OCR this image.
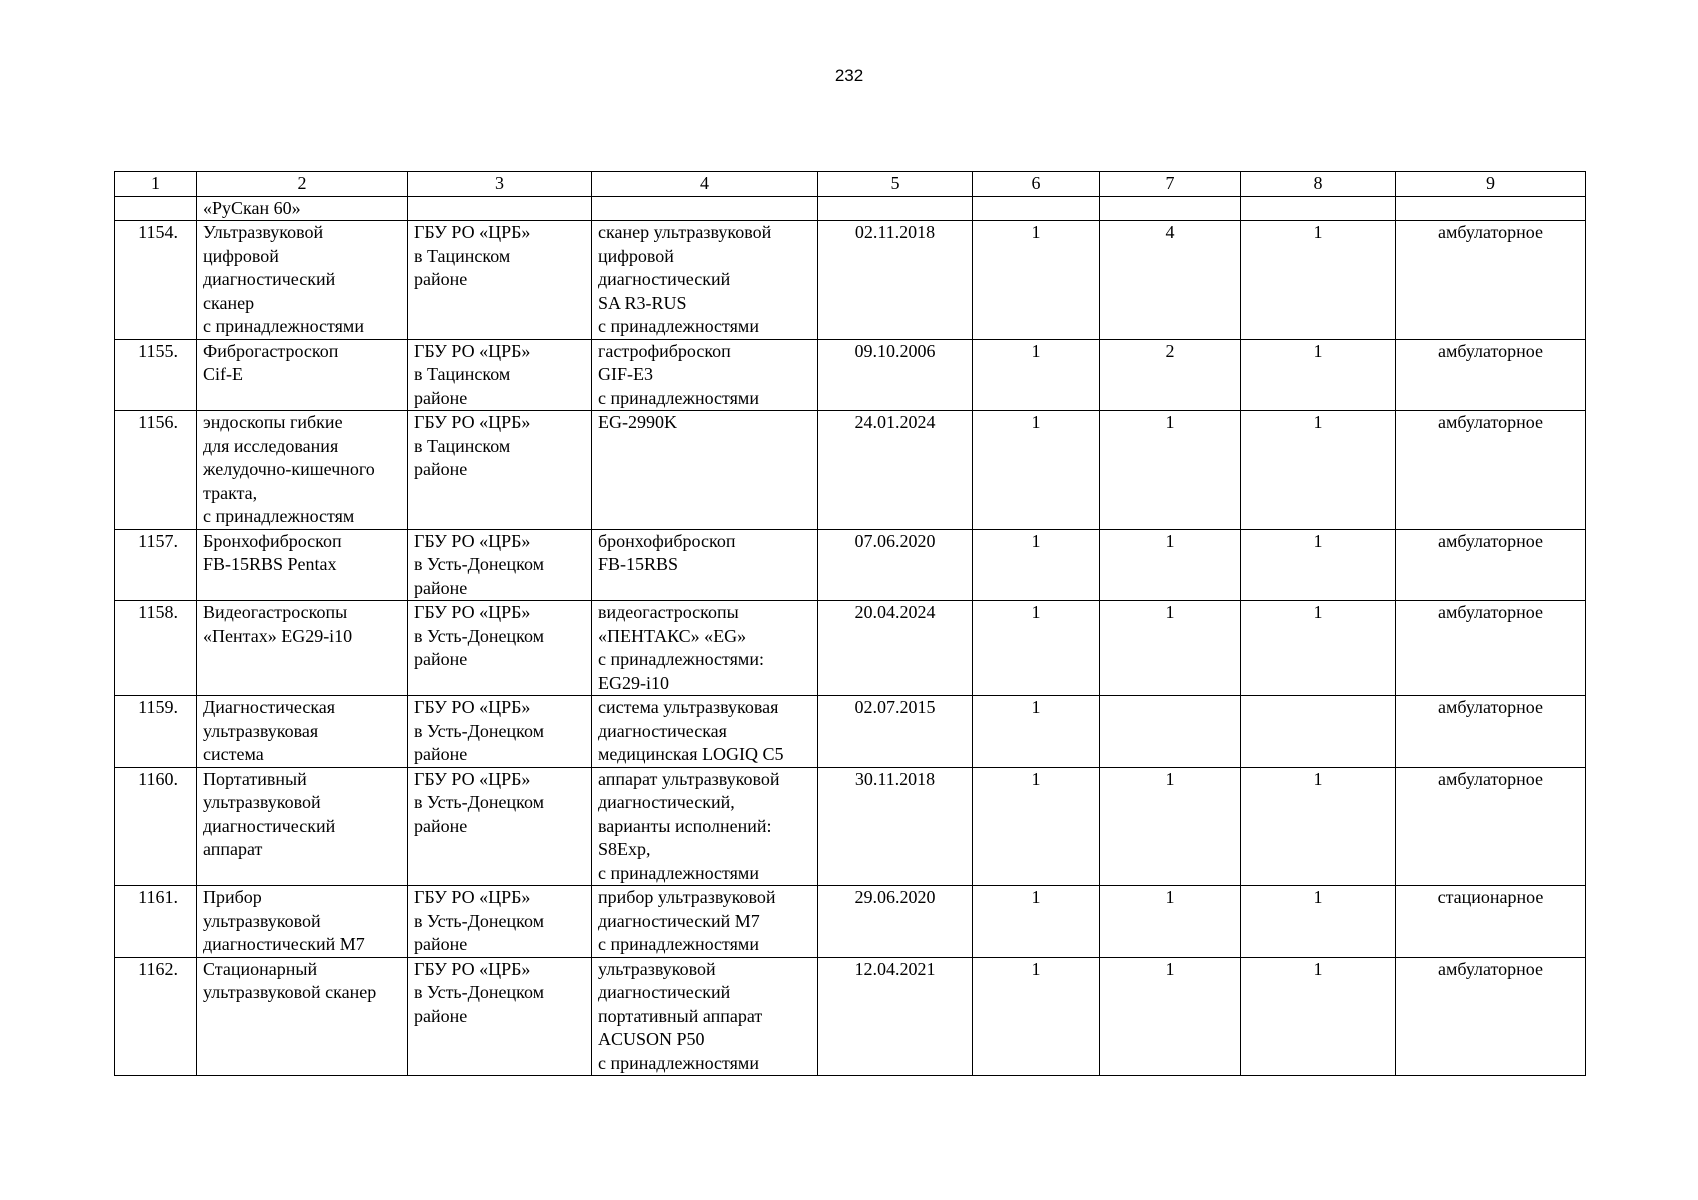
232
1	2	3	4	5	6	7	8	9
	«РуСкан 60»							
1154.	Ультразвуковой
цифровой
диагностический
сканер
с принадлежностями	ГБУ РО «ЦРБ»
в Тацинском
районе	сканер ультразвуковой
цифровой
диагностический
SA R3-RUS
с принадлежностями	02.11.2018	1	4	1	амбулаторное
1155.	Фиброгастроскоп
Cif-E	ГБУ РО «ЦРБ»
в Тацинском
районе	гастрофиброскоп
GIF-E3
с принадлежностями	09.10.2006	1	2	1	амбулаторное
1156.	эндоскопы гибкие
для исследования
желудочно-кишечного
тракта,
с принадлежностям	ГБУ РО «ЦРБ»
в Тацинском
районе	EG-2990K	24.01.2024	1	1	1	амбулаторное
1157.	Бронхофиброскоп
FB-15RBS Pentax	ГБУ РО «ЦРБ»
в Усть-Донецком
районе	бронхофиброскоп
FB-15RBS	07.06.2020	1	1	1	амбулаторное
1158.	Видеогастроскопы
«Пентах» EG29-i10	ГБУ РО «ЦРБ»
в Усть-Донецком
районе	видеогастроскопы
«ПЕНТАКС» «EG»
с принадлежностями:
EG29-i10	20.04.2024	1	1	1	амбулаторное
1159.	Диагностическая
ультразвуковая
система	ГБУ РО «ЦРБ»
в Усть-Донецком
районе	система ультразвуковая
диагностическая
медицинская LOGIQ C5	02.07.2015	1			амбулаторное
1160.	Портативный
ультразвуковой
диагностический
аппарат	ГБУ РО «ЦРБ»
в Усть-Донецком
районе	аппарат ультразвуковой
диагностический,
варианты исполнений:
S8Exp,
с принадлежностями	30.11.2018	1	1	1	амбулаторное
1161.	Прибор
ультразвуковой
диагностический М7	ГБУ РО «ЦРБ»
в Усть-Донецком
районе	прибор ультразвуковой
диагностический М7
с принадлежностями	29.06.2020	1	1	1	стационарное
1162.	Стационарный
ультразвуковой сканер	ГБУ РО «ЦРБ»
в Усть-Донецком
районе	ультразвуковой
диагностический
портативный аппарат
ACUSON P50
с принадлежностями	12.04.2021	1	1	1	амбулаторное
